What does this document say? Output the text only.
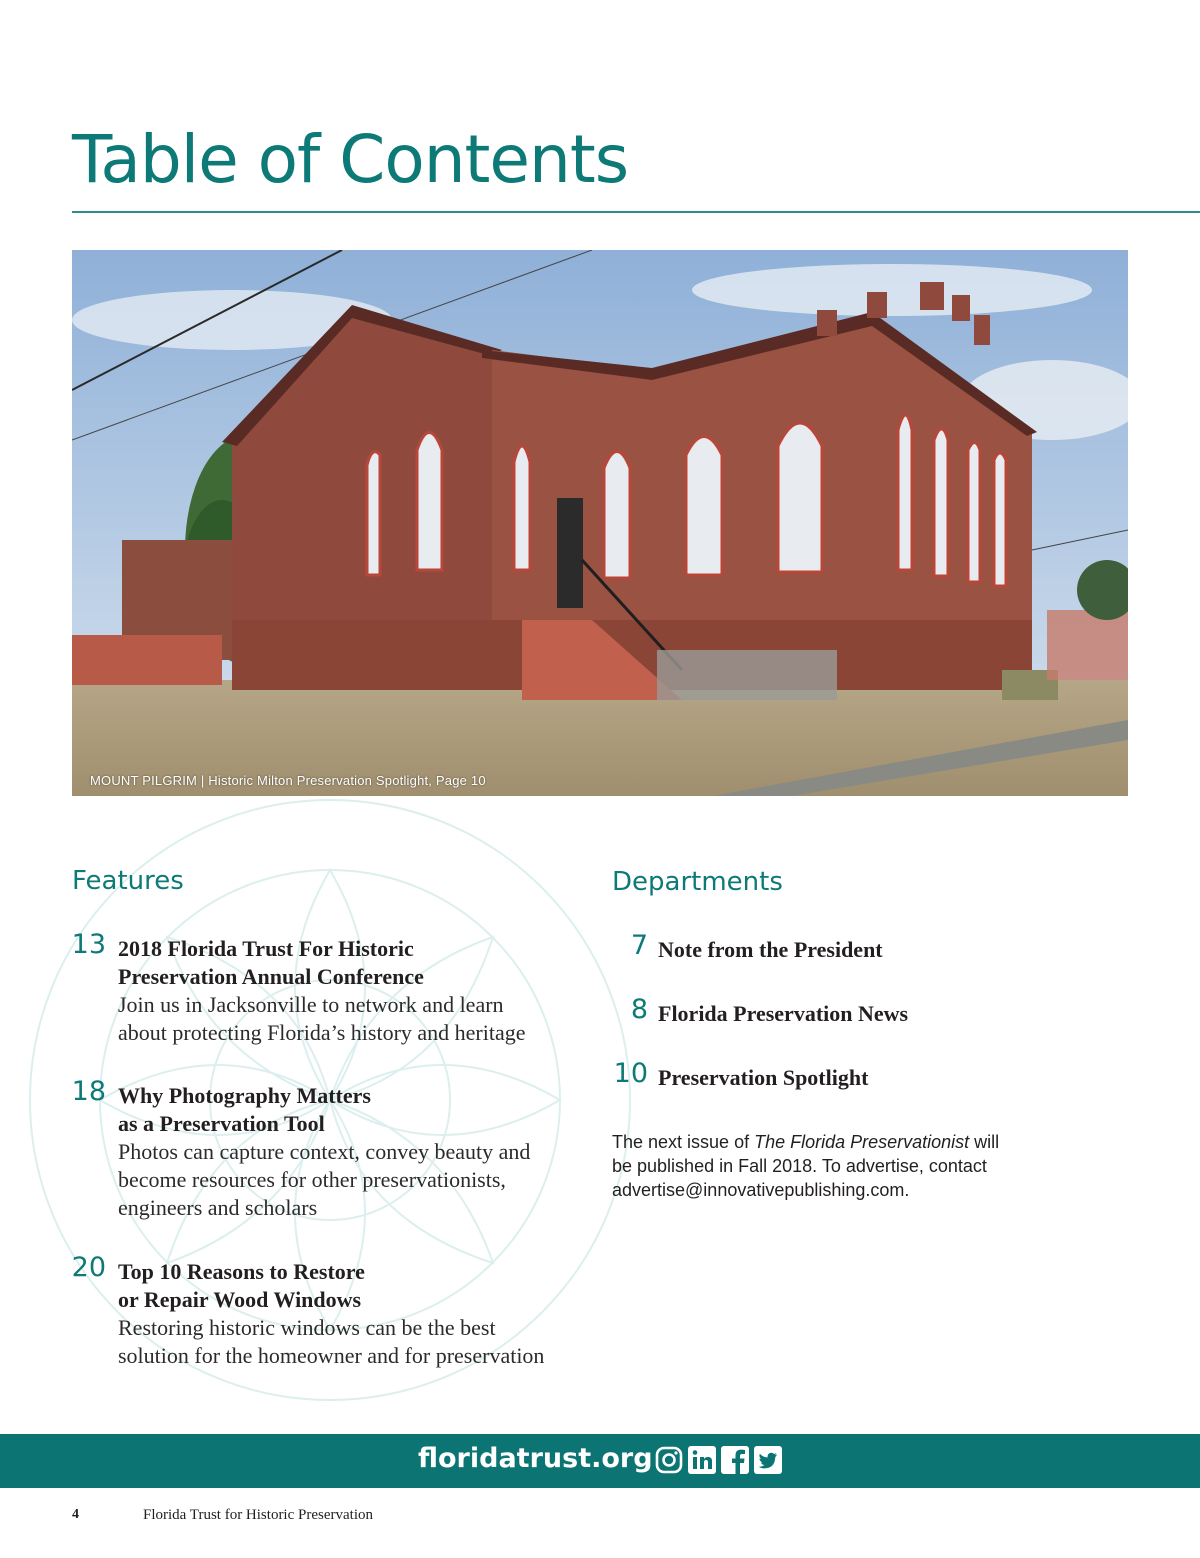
Table of Contents
MOUNT PILGRIM | Historic Milton Preservation Spotlight, Page 10
Features
13 2018 Florida Trust For Historic
Preservation Annual Conference
Join us in Jacksonville to network and learn
about protecting Florida’s history and heritage
18 Why Photography Matters
as a Preservation Tool
Photos can capture context, convey beauty and
become resources for other preservationists,
engineers and scholars
20 Top 10 Reasons to Restore
or Repair Wood Windows
Restoring historic windows can be the best
solution for the homeowner and for preservation
Departments
7 Note from the President
8 Florida Preservation News
10 Preservation Spotlight
The next issue of The Florida Preservationist will
be published in Fall 2018. To advertise, contact
advertise@innovativepublishing.com.
floridatrust.org
4	Florida Trust for Historic Preservation
